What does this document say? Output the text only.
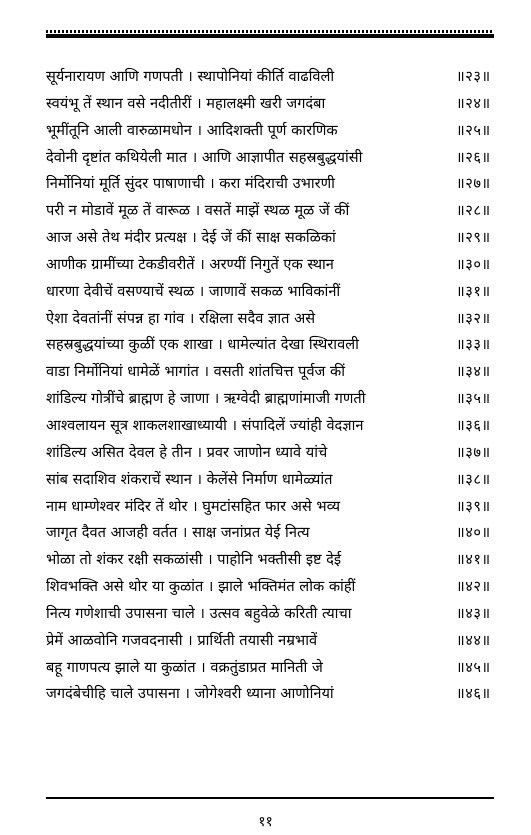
सूर्यनारायण आणि गणपती । स्थापोनियां कीर्ति वाढविली	॥२३॥
स्वयंभू तें स्थान वसे नदीतीरीं । महालक्ष्मी खरी जगदंबा	॥२४॥
भूमींतूनि आली वारुळामधोन । आदिशक्ती पूर्ण कारणिक	॥२५॥
देवोनी दृष्टांत कथियेली मात । आणि आज्ञापीत सहस्रबुद्धयांसी	॥२६॥
निर्मोनियां मूर्ति सुंदर पाषाणाची । करा मंदिराची उभारणी	॥२७॥
परी न मोडावें मूळ तें वारूळ । वसतें माझें स्थळ मूळ जें कीं	॥२८॥
आज असे तेथ मंदीर प्रत्यक्ष । देई जें कीं साक्ष सकळिकां	॥२९॥
आणीक ग्रामींच्या टेकडीवरीतें । अरण्यीं निगुतें एक स्थान	॥३०॥
धारणा देवीचें वसण्याचें स्थळ । जाणावें सकळ भाविकांनीं	॥३१॥
ऐशा देवतांनीं संपन्न हा गांव । रक्षिला सदैव ज्ञात असे	॥३२॥
सहस्रबुद्धयांच्या कुळीं एक शाखा । धामेल्यांत देखा स्थिरावली	॥३३॥
वाडा निर्मोनियां धामेळें भागांत । वसती शांतचित्त पूर्वज कीं	॥३४॥
शांडिल्य गोत्रींचे ब्राह्मण हे जाणा । ऋग्वेदी ब्राह्मणांमाजी गणती	॥३५॥
आश्वलायन सूत्र शाकलशाखाध्यायी । संपादिलें ज्यांही वेदज्ञान	॥३६॥
शांडिल्य असित देवल हे तीन । प्रवर जाणोन ध्यावे यांचे	॥३७॥
सांब सदाशिव शंकराचें स्थान । केलेंसे निर्माण धामेळ्यांत	॥३८॥
नाम धाम्णेश्वर मंदिर तें थोर । घुमटांसहित फार असे भव्य	॥३९॥
जागृत दैवत आजही वर्तत । साक्ष जनांप्रत येई नित्य	॥४०॥
भोळा तो शंकर रक्षी सकळांसी । पाहोनि भक्तीसी इष्ट देई	॥४१॥
शिवभक्ति असे थोर या कुळांत । झाले भक्तिमंत लोक कांहीं	॥४२॥
नित्य गणेशाची उपासना चाले । उत्सव बहुवेळे करिती त्याचा	॥४३॥
प्रेमें आळवोनि गजवदनासी । प्रार्थिती तयासी नम्रभावें	॥४४॥
बहू गाणपत्य झाले या कुळांत । वक्रतुंडाप्रत मानिती जे	॥४५॥
जगदंबेचीहि चाले उपासना । जोगेश्वरी ध्याना आणोनियां	॥४६॥
११
